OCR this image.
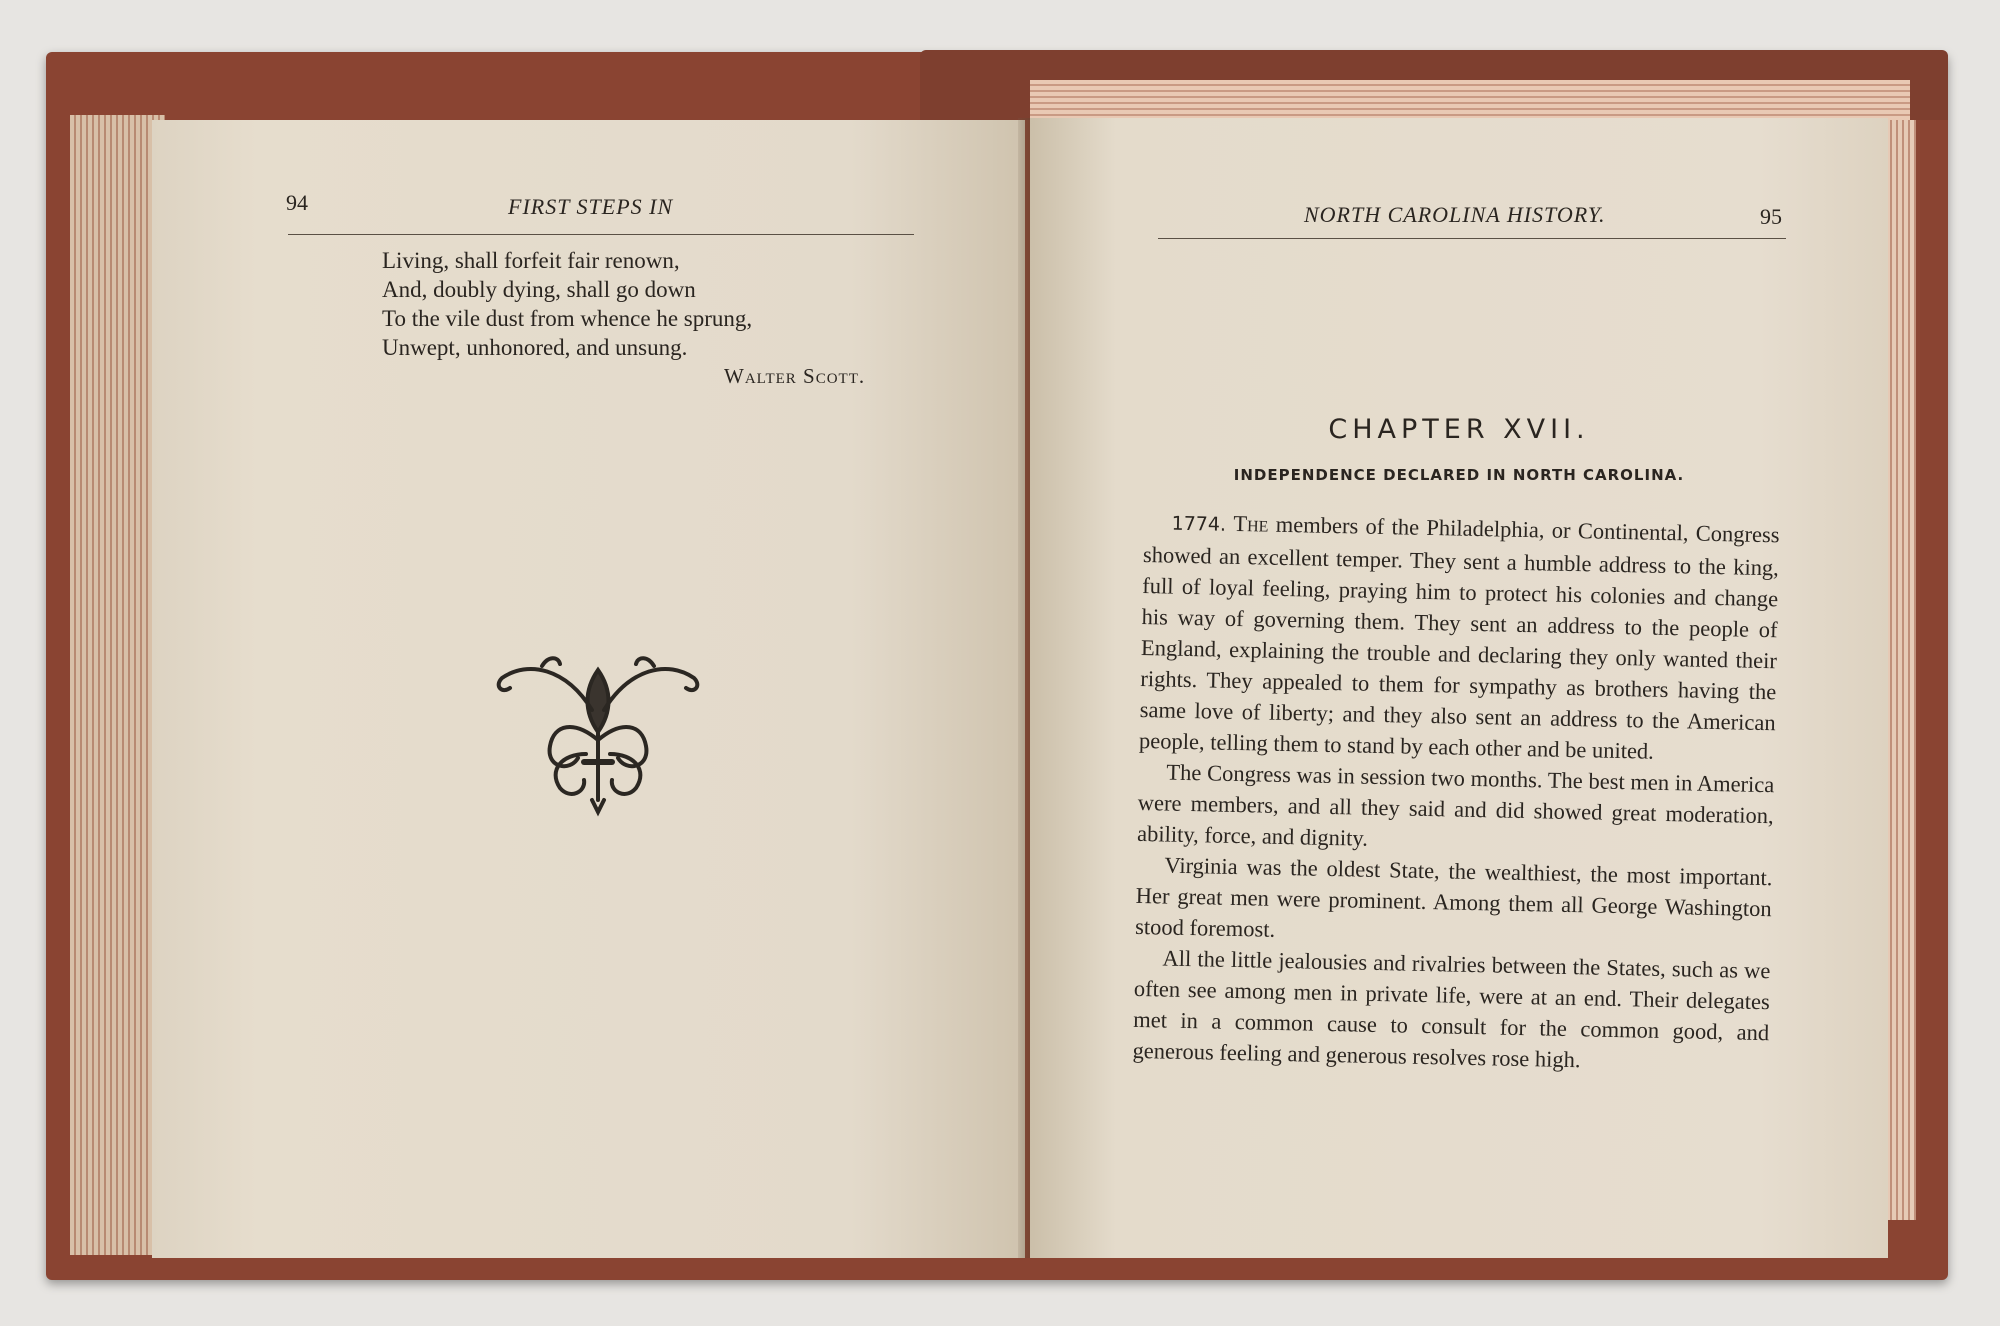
94	FIRST STEPS IN
Living, shall forfeit fair renown,
And, doubly dying, shall go down
To the vile dust from whence he sprung,
Unwept, unhonored, and unsung.
Walter Scott.
NORTH CAROLINA HISTORY.	95
CHAPTER XVII.
INDEPENDENCE DECLARED IN NORTH CAROLINA.

1774. The members of the Philadelphia, or Continental, Congress showed an excellent temper. They sent a humble address to the king, full of loyal feeling, praying him to protect his colonies and change his way of governing them. They sent an address to the people of England, explaining the trouble and declaring they only wanted their rights. They appealed to them for sympathy as brothers having the same love of liberty; and they also sent an address to the American people, telling them to stand by each other and be united.

The Congress was in session two months. The best men in America were members, and all they said and did showed great moderation, ability, force, and dignity.

Virginia was the oldest State, the wealthiest, the most important. Her great men were prominent. Among them all George Washington stood foremost.

All the little jealousies and rivalries between the States, such as we often see among men in private life, were at an end. Their delegates met in a common cause to consult for the common good, and generous feeling and generous resolves rose high.
